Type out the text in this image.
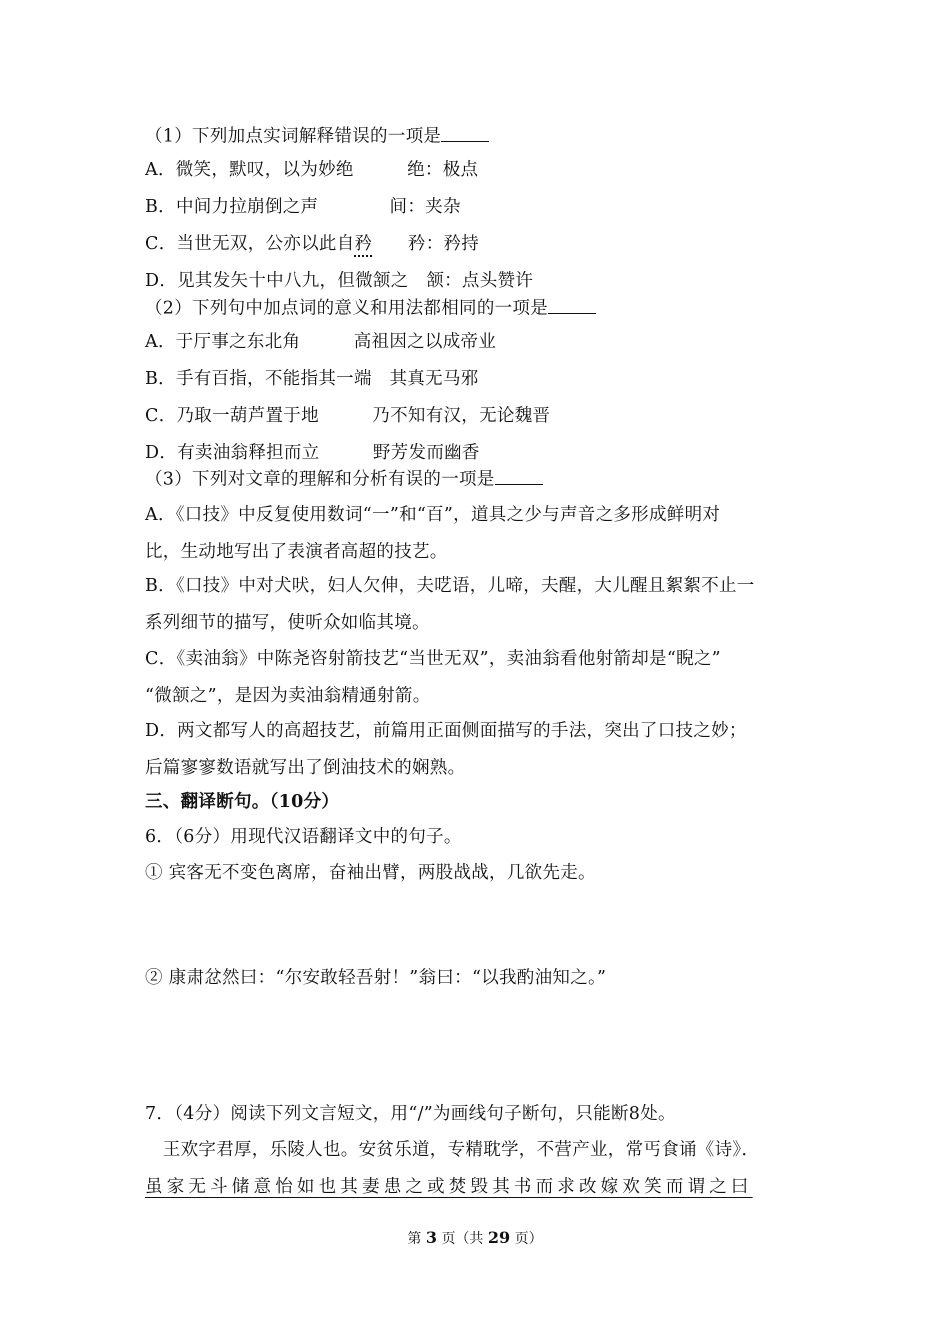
（1）下列加点实词解释错误的一项是
A．微笑，默叹，以为妙绝　　　绝：极点
B．中间力拉崩倒之声　　　　间：夹杂
C．当世无双，公亦以此自矜　　矜：矜持
D．见其发矢十中八九，但微颔之　颔：点头赞许
（2）下列句中加点词的意义和用法都相同的一项是
A．于厅事之东北角　　　高祖因之以成帝业
B．手有百指，不能指其一端　其真无马邪
C．乃取一葫芦置于地　　　乃不知有汉，无论魏晋
D．有卖油翁释担而立　　　野芳发而幽香
（3）下列对文章的理解和分析有误的一项是
A．《口技》中反复使用数词“一”和“百”，道具之少与声音之多形成鲜明对
比，生动地写出了表演者高超的技艺。
B．《口技》中对犬吠，妇人欠伸，夫呓语，儿啼，夫醒，大儿醒且絮絮不止一
系列细节的描写，使听众如临其境。
C．《卖油翁》中陈尧咨射箭技艺“当世无双”，卖油翁看他射箭却是“睨之”
“微颔之”，是因为卖油翁精通射箭。
D．两文都写人的高超技艺，前篇用正面侧面描写的手法，突出了口技之妙；
后篇寥寥数语就写出了倒油技术的娴熟。
三、翻译断句。（10分）
6．（6分）用现代汉语翻译文中的句子。
① 宾客无不变色离席，奋袖出臂，两股战战，几欲先走。
② 康肃忿然曰：“尔安敢轻吾射！”翁曰：“以我酌油知之。”
7．（4分）阅读下列文言短文，用“/”为画线句子断句，只能断8处。
　王欢字君厚，乐陵人也。安贫乐道，专精耽学，不营产业，常丐食诵《诗》．
虽家无斗储意怡如也其妻患之或焚毁其书而求改嫁欢笑而谓之曰
第 3 页（共 29 页）
